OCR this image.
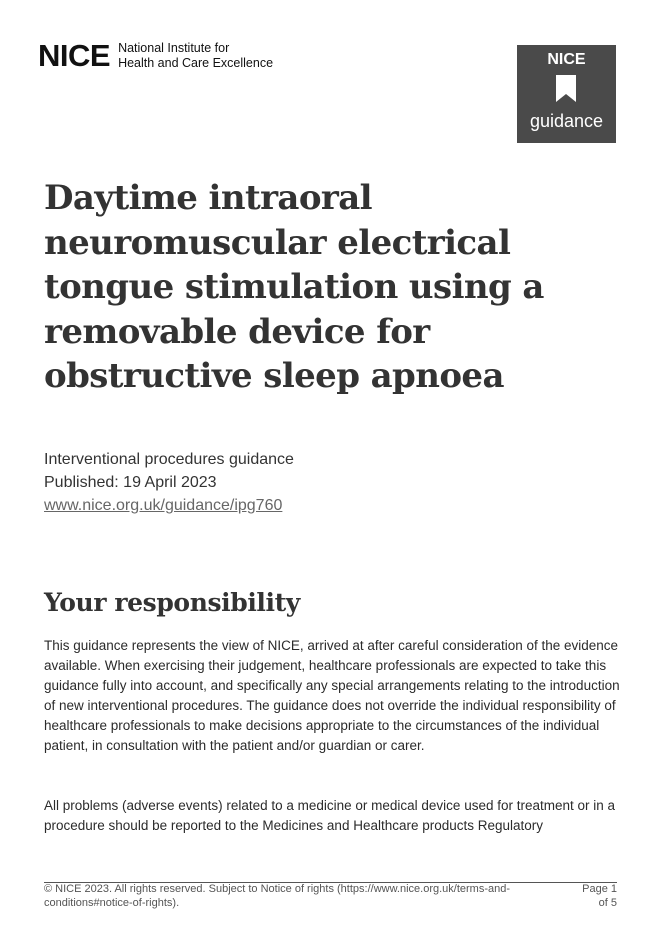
NICE National Institute for
Health and Care Excellence	NICE
guidance
Daytime intraoral neuromuscular electrical tongue stimulation using a removable device for obstructive sleep apnoea
Interventional procedures guidance
Published: 19 April 2023
www.nice.org.uk/guidance/ipg760
Your responsibility

This guidance represents the view of NICE, arrived at after careful consideration of the evidence available. When exercising their judgement, healthcare professionals are expected to take this guidance fully into account, and specifically any special arrangements relating to the introduction of new interventional procedures. The guidance does not override the individual responsibility of healthcare professionals to make decisions appropriate to the circumstances of the individual patient, in consultation with the patient and/or guardian or carer.

All problems (adverse events) related to a medicine or medical device used for treatment or in a procedure should be reported to the Medicines and Healthcare products Regulatory

© NICE 2023. All rights reserved. Subject to Notice of rights (https://www.nice.org.uk/terms-and-conditions#notice-of-rights).
Page 1
of 5
